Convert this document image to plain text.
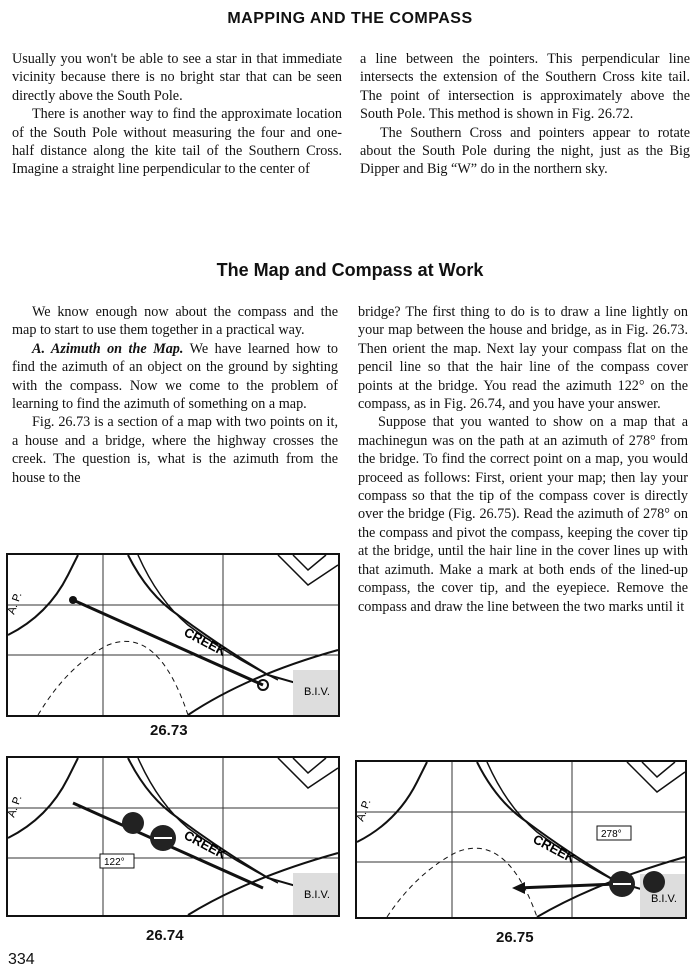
MAPPING AND THE COMPASS

Usually you won't be able to see a star in that immediate vicinity because there is no bright star that can be seen directly above the South Pole.

There is another way to find the approximate location of the South Pole without measuring the four and one-half distance along the kite tail of the Southern Cross. Imagine a straight line perpendicular to the center of

a line between the pointers. This perpendicular line intersects the extension of the Southern Cross kite tail. The point of intersection is approximately above the South Pole. This method is shown in Fig. 26.72.

The Southern Cross and pointers appear to rotate about the South Pole during the night, just as the Big Dipper and Big “W” do in the northern sky.

The Map and Compass at Work

We know enough now about the compass and the map to start to use them together in a practical way.

A. Azimuth on the Map. We have learned how to find the azimuth of an object on the ground by sighting with the compass. Now we come to the problem of learning to find the azimuth of something on a map.

Fig. 26.73 is a section of a map with two points on it, a house and a bridge, where the highway crosses the creek. The question is, what is the azimuth from the house to the

bridge? The first thing to do is to draw a line lightly on your map between the house and bridge, as in Fig. 26.73. Then orient the map. Next lay your compass flat on the pencil line so that the hair line of the compass cover points at the bridge. You read the azimuth 122° on the compass, as in Fig. 26.74, and you have your answer.

Suppose that you wanted to show on a map that a machinegun was on the path at an azimuth of 278° from the bridge. To find the correct point on a map, you would proceed as follows: First, orient your map; then lay your compass so that the tip of the compass cover is directly over the bridge (Fig. 26.75). Read the azimuth of 278° on the compass and pivot the compass, keeping the cover tip at the bridge, until the hair line in the cover lines up with that azimuth. Make a mark at both ends of the lined-up compass, the cover tip, and the eyepiece. Remove the compass and draw the line between the two marks until it

CREEK
B.I.V.
A. P.
26.73
122°
CREEK
B.I.V.
A. P.
26.74
278°
CREEK
B.I.V.
A. P.
26.75
334
